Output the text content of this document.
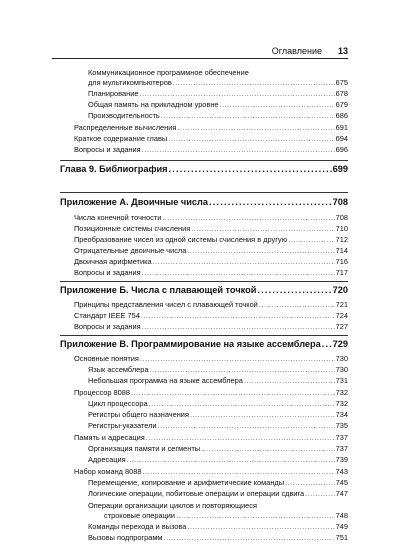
Оглавление 13
Коммуникационное программное обеспечение
для мультикомпьютеров .....	675
Планирование .....	678
Общая память на прикладном уровне .....	679
Производительность .....	686
Распределенные вычисления .....	691
Краткое содержание главы .....	694
Вопросы и задания .....	696
Глава 9. Библиография .....	699
Приложение А. Двоичные числа .....	708
Числа конечной точности .....	708
Позиционные системы счисления .....	710
Преобразование чисел из одной системы счисления в другую .....	712
Отрицательные двоичные числа .....	714
Двоичная арифметика .....	716
Вопросы и задания .....	717
Приложение Б. Числа с плавающей точкой .....	720
Принципы представления чисел с плавающей точкой .....	721
Стандарт IEEE 754 .....	724
Вопросы и задания .....	727
Приложение В. Программирование на языке ассемблера ..... 729
Основные понятия .....	730
Язык ассемблера .....	730
Небольшая программа на языке ассемблера .....	731
Процессор 8088 .....	732
Цикл процессора .....	732
Регистры общего назначения .....	734
Регистры-указатели .....	735
Память и адресация .....	737
Организация памяти и сегменты .....	737
Адресация .....	739
Набор команд 8088 .....	743
Перемещение, копирование и арифметические команды .....	745
Логические операции, побитовые операции и операции сдвига .....	747
Операции организации циклов и повторяющиеся
строковые операции .....	748
Команды перехода и вызова .....	749
Вызовы подпрограмм .....	751
